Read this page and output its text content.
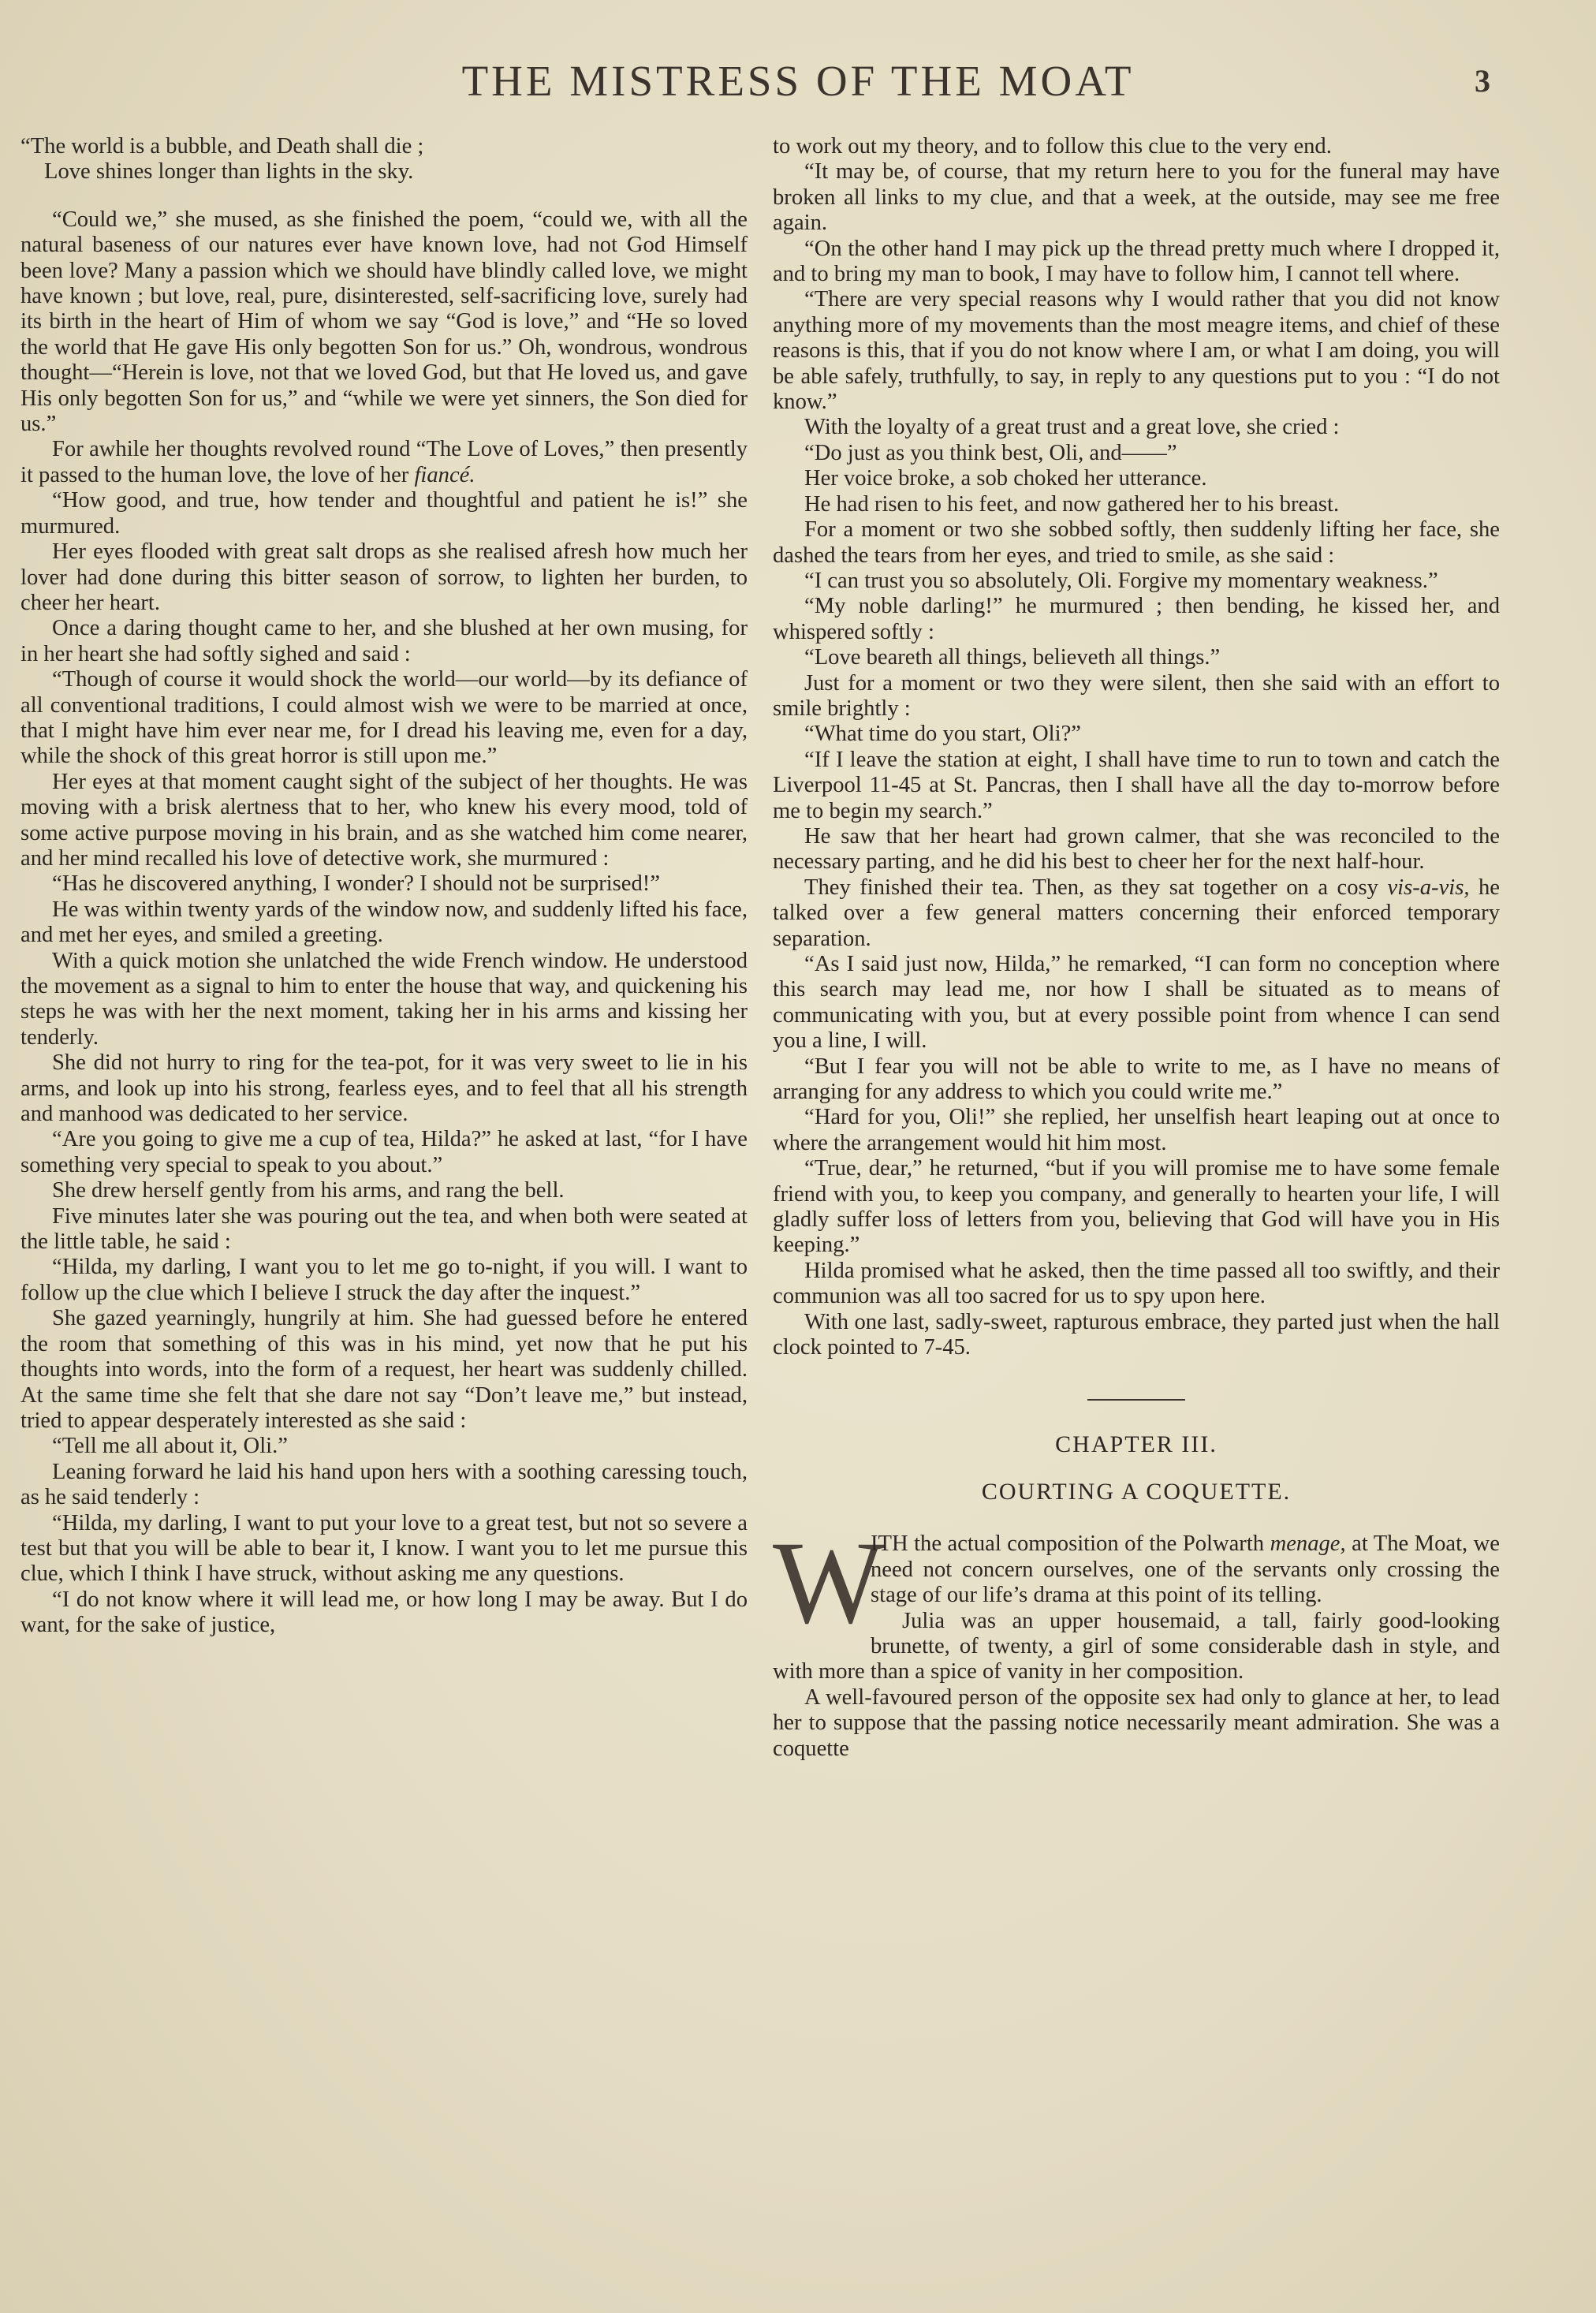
THE MISTRESS OF THE MOAT	3
“The world is a bubble, and Death shall die ;
Love shines longer than lights in the sky.

“Could we,” she mused, as she finished the poem, “could we, with all the natural baseness of our natures ever have known love, had not God Himself been love? Many a passion which we should have blindly called love, we might have known ; but love, real, pure, disinterested, self-sacrificing love, surely had its birth in the heart of Him of whom we say “God is love,” and “He so loved the world that He gave His only begotten Son for us.” Oh, wondrous, wondrous thought—“Herein is love, not that we loved God, but that He loved us, and gave His only begotten Son for us,” and “while we were yet sinners, the Son died for us.”

For awhile her thoughts revolved round “The Love of Loves,” then presently it passed to the human love, the love of her fiancé.

“How good, and true, how tender and thoughtful and patient he is!” she murmured.

Her eyes flooded with great salt drops as she realised afresh how much her lover had done during this bitter season of sorrow, to lighten her burden, to cheer her heart.

Once a daring thought came to her, and she blushed at her own musing, for in her heart she had softly sighed and said :

“Though of course it would shock the world—our world—by its defiance of all conventional traditions, I could almost wish we were to be married at once, that I might have him ever near me, for I dread his leaving me, even for a day, while the shock of this great horror is still upon me.”

Her eyes at that moment caught sight of the subject of her thoughts. He was moving with a brisk alertness that to her, who knew his every mood, told of some active purpose moving in his brain, and as she watched him come nearer, and her mind recalled his love of detective work, she murmured :

“Has he discovered anything, I wonder? I should not be surprised!”

He was within twenty yards of the window now, and suddenly lifted his face, and met her eyes, and smiled a greeting.

With a quick motion she unlatched the wide French window. He understood the movement as a signal to him to enter the house that way, and quickening his steps he was with her the next moment, taking her in his arms and kissing her tenderly.

She did not hurry to ring for the tea-pot, for it was very sweet to lie in his arms, and look up into his strong, fearless eyes, and to feel that all his strength and manhood was dedicated to her service.

“Are you going to give me a cup of tea, Hilda?” he asked at last, “for I have something very special to speak to you about.”

She drew herself gently from his arms, and rang the bell.

Five minutes later she was pouring out the tea, and when both were seated at the little table, he said :

“Hilda, my darling, I want you to let me go to-night, if you will. I want to follow up the clue which I believe I struck the day after the inquest.”

She gazed yearningly, hungrily at him. She had guessed before he entered the room that something of this was in his mind, yet now that he put his thoughts into words, into the form of a request, her heart was suddenly chilled. At the same time she felt that she dare not say “Don’t leave me,” but instead, tried to appear desperately interested as she said :

“Tell me all about it, Oli.”

Leaning forward he laid his hand upon hers with a soothing caressing touch, as he said tenderly :

“Hilda, my darling, I want to put your love to a great test, but not so severe a test but that you will be able to bear it, I know. I want you to let me pursue this clue, which I think I have struck, without asking me any questions.

“I do not know where it will lead me, or how long I may be away. But I do want, for the sake of justice,

to work out my theory, and to follow this clue to the very end.

“It may be, of course, that my return here to you for the funeral may have broken all links to my clue, and that a week, at the outside, may see me free again.

“On the other hand I may pick up the thread pretty much where I dropped it, and to bring my man to book, I may have to follow him, I cannot tell where.

“There are very special reasons why I would rather that you did not know anything more of my movements than the most meagre items, and chief of these reasons is this, that if you do not know where I am, or what I am doing, you will be able safely, truthfully, to say, in reply to any questions put to you : “I do not know.”

With the loyalty of a great trust and a great love, she cried :

“Do just as you think best, Oli, and——”

Her voice broke, a sob choked her utterance.

He had risen to his feet, and now gathered her to his breast.

For a moment or two she sobbed softly, then suddenly lifting her face, she dashed the tears from her eyes, and tried to smile, as she said :

“I can trust you so absolutely, Oli. Forgive my momentary weakness.”

“My noble darling!” he murmured ; then bending, he kissed her, and whispered softly :

“Love beareth all things, believeth all things.”

Just for a moment or two they were silent, then she said with an effort to smile brightly :

“What time do you start, Oli?”

“If I leave the station at eight, I shall have time to run to town and catch the Liverpool 11-45 at St. Pancras, then I shall have all the day to-morrow before me to begin my search.”

He saw that her heart had grown calmer, that she was reconciled to the necessary parting, and he did his best to cheer her for the next half-hour.

They finished their tea. Then, as they sat together on a cosy vis-a-vis, he talked over a few general matters concerning their enforced temporary separation.

“As I said just now, Hilda,” he remarked, “I can form no conception where this search may lead me, nor how I shall be situated as to means of communicating with you, but at every possible point from whence I can send you a line, I will.

“But I fear you will not be able to write to me, as I have no means of arranging for any address to which you could write me.”

“Hard for you, Oli!” she replied, her unselfish heart leaping out at once to where the arrangement would hit him most.

“True, dear,” he returned, “but if you will promise me to have some female friend with you, to keep you company, and generally to hearten your life, I will gladly suffer loss of letters from you, believing that God will have you in His keeping.”

Hilda promised what he asked, then the time passed all too swiftly, and their communion was all too sacred for us to spy upon here.

With one last, sadly-sweet, rapturous embrace, they parted just when the hall clock pointed to 7-45.

CHAPTER III.
COURTING A COQUETTE.
W

ITH the actual composition of the Polwarth menage, at The Moat, we need not concern ourselves, one of the servants only crossing the stage of our life’s drama at this point of its telling.

Julia was an upper housemaid, a tall, fairly good-looking brunette, of twenty, a girl of some considerable dash in style, and with more than a spice of vanity in her composition.

A well-favoured person of the opposite sex had only to glance at her, to lead her to suppose that the passing notice necessarily meant admiration. She was a coquette
